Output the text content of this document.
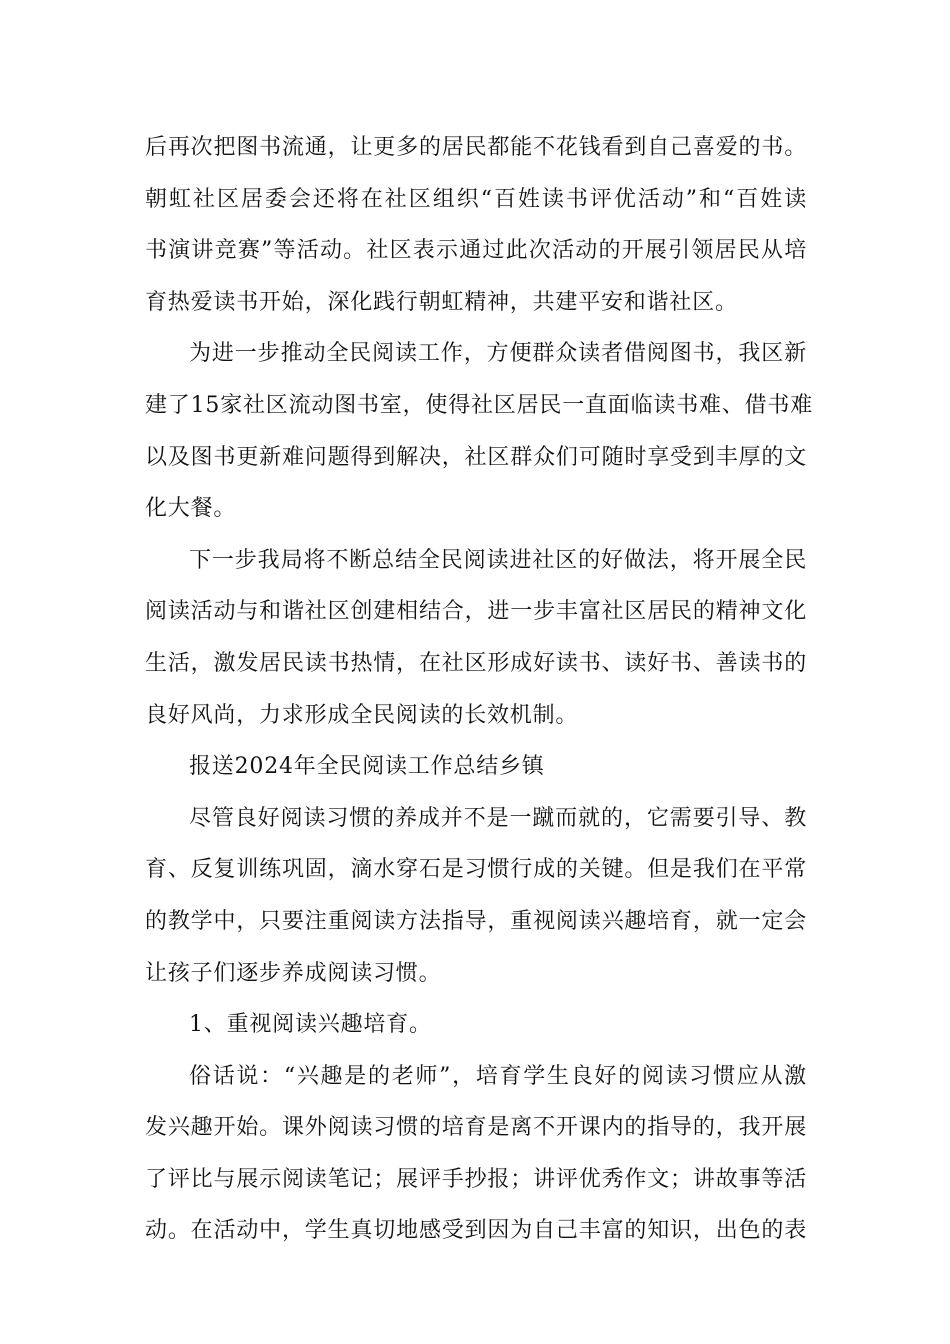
后再次把图书流通，让更多的居民都能不花钱看到自己喜爱的书。
朝虹社区居委会还将在社区组织“百姓读书评优活动”和“百姓读
书演讲竞赛”等活动。社区表示通过此次活动的开展引领居民从培
育热爱读书开始，深化践行朝虹精神，共建平安和谐社区。
为进一步推动全民阅读工作，方便群众读者借阅图书，我区新
建了15家社区流动图书室，使得社区居民一直面临读书难、借书难
以及图书更新难问题得到解决，社区群众们可随时享受到丰厚的文
化大餐。
下一步我局将不断总结全民阅读进社区的好做法，将开展全民
阅读活动与和谐社区创建相结合，进一步丰富社区居民的精神文化
生活，激发居民读书热情，在社区形成好读书、读好书、善读书的
良好风尚，力求形成全民阅读的长效机制。
报送2024年全民阅读工作总结乡镇
尽管良好阅读习惯的养成并不是一蹴而就的，它需要引导、教
育、反复训练巩固，滴水穿石是习惯行成的关键。但是我们在平常
的教学中，只要注重阅读方法指导，重视阅读兴趣培育，就一定会
让孩子们逐步养成阅读习惯。
1、重视阅读兴趣培育。
俗话说：“兴趣是的老师”，培育学生良好的阅读习惯应从激
发兴趣开始。课外阅读习惯的培育是离不开课内的指导的，我开展
了评比与展示阅读笔记；展评手抄报；讲评优秀作文；讲故事等活
动。在活动中，学生真切地感受到因为自己丰富的知识，出色的表
